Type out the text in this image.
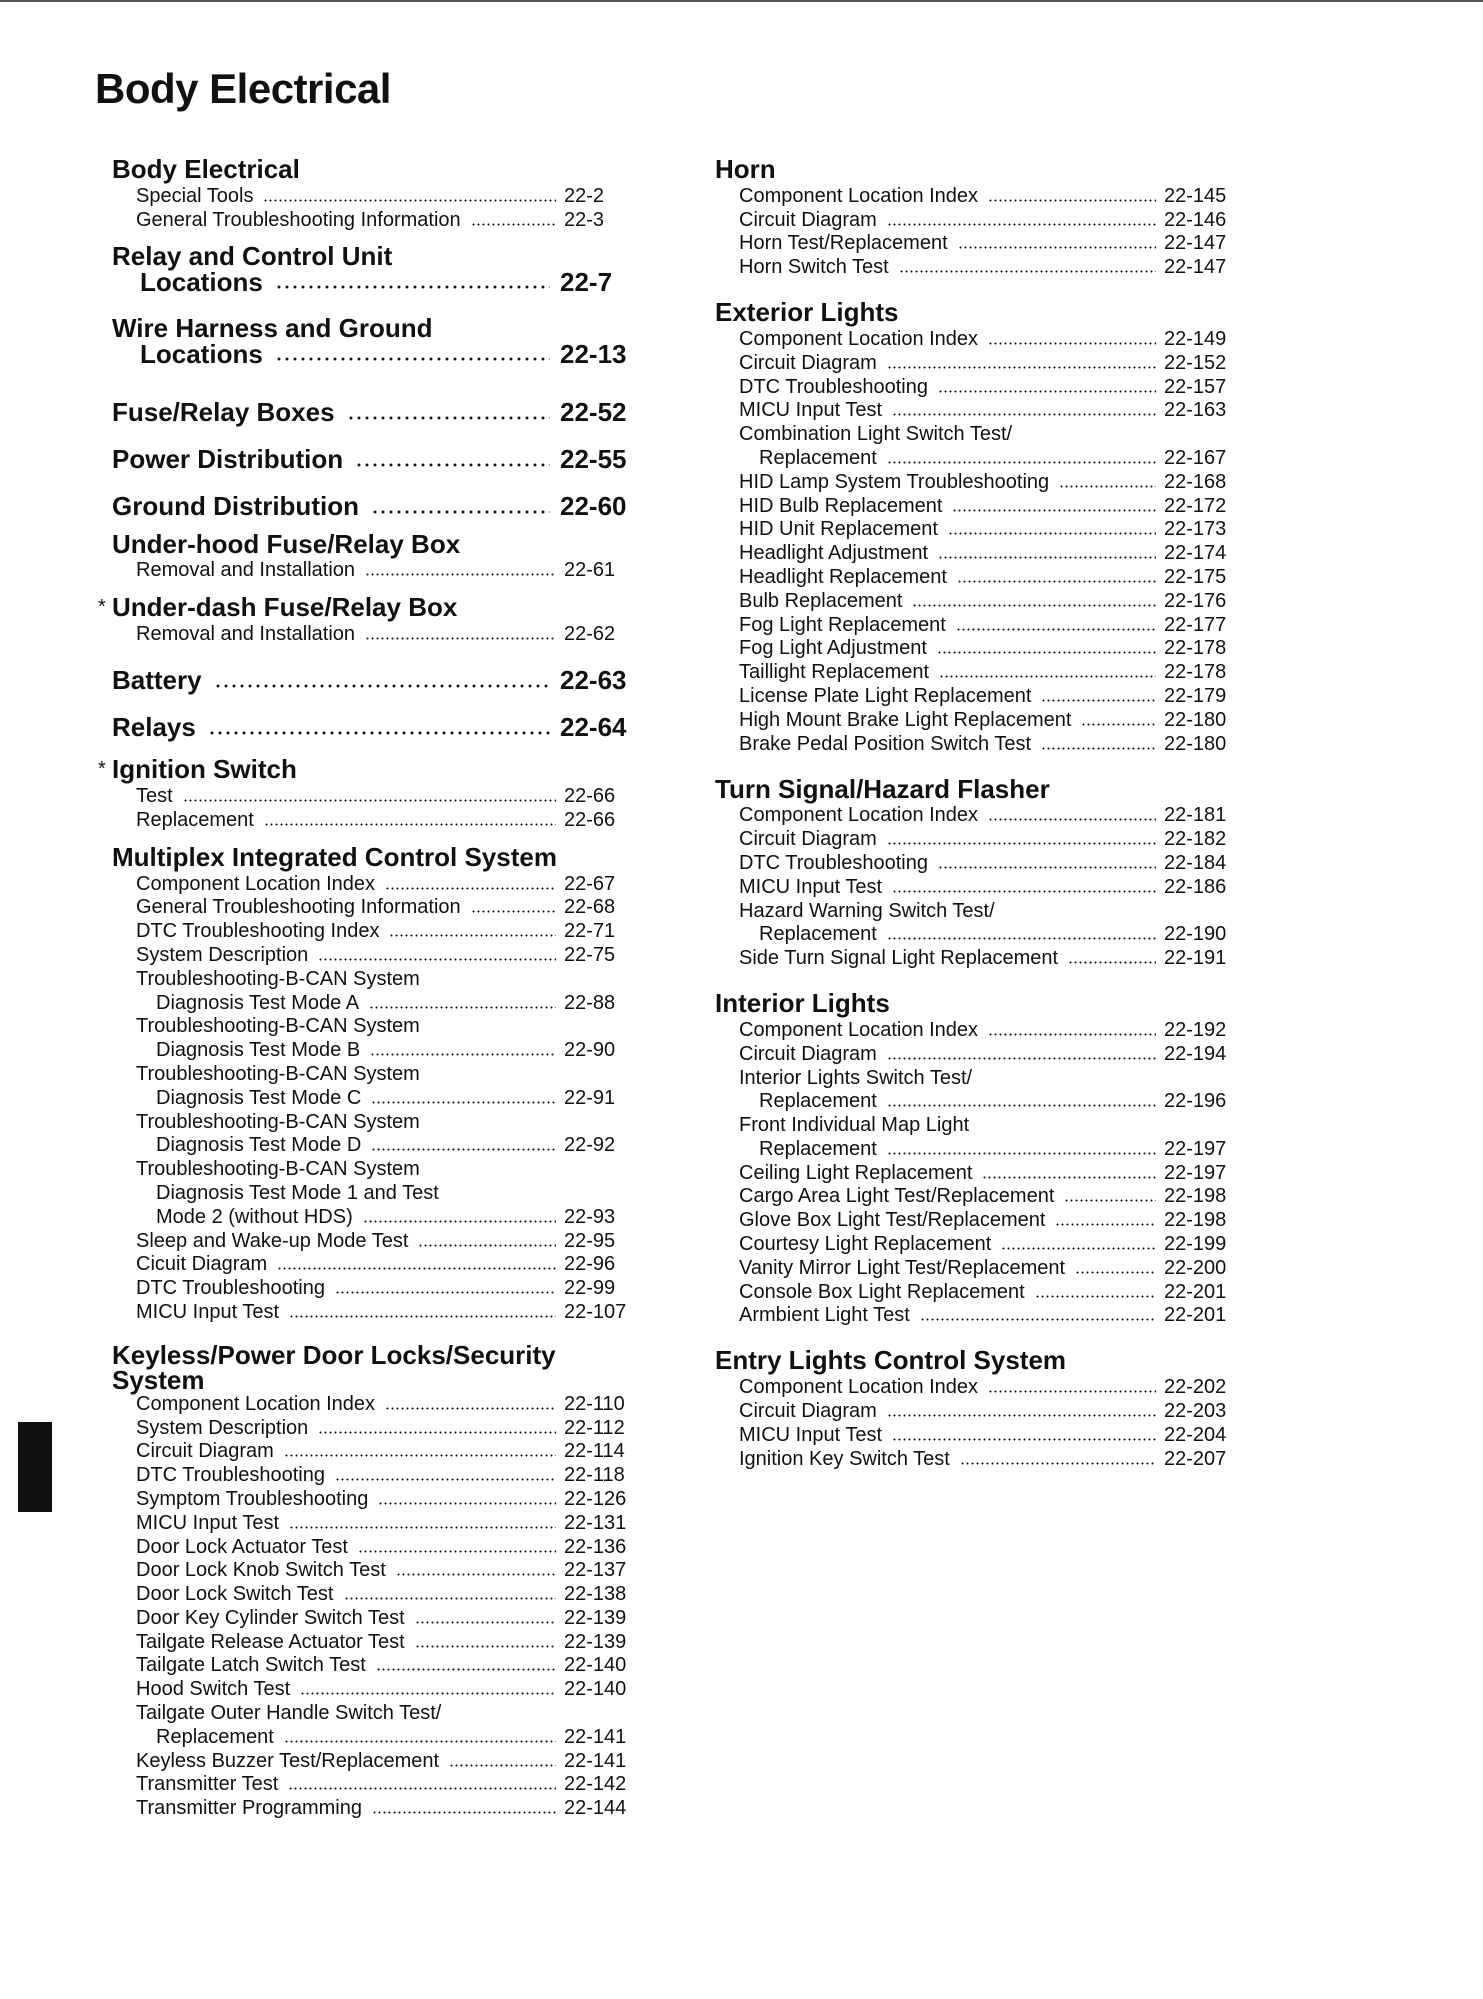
Body Electrical
Body Electrical
Special Tools	22-2
General Troubleshooting Information	22-3
Relay and Control Unit
Locations	22-7
Wire Harness and Ground
Locations	22-13
Fuse/Relay Boxes	22-52
Power Distribution	22-55
Ground Distribution	22-60
Under-hood Fuse/Relay Box
Removal and Installation	22-61
* Under-dash Fuse/Relay Box
Removal and Installation	22-62
Battery	22-63
Relays	22-64
* Ignition Switch
Test	22-66
Replacement	22-66
Multiplex Integrated Control System
Component Location Index	22-67
General Troubleshooting Information	22-68
DTC Troubleshooting Index	22-71
System Description	22-75
Troubleshooting-B-CAN System
Diagnosis Test Mode A	22-88
Troubleshooting-B-CAN System
Diagnosis Test Mode B	22-90
Troubleshooting-B-CAN System
Diagnosis Test Mode C	22-91
Troubleshooting-B-CAN System
Diagnosis Test Mode D	22-92
Troubleshooting-B-CAN System
Diagnosis Test Mode 1 and Test
Mode 2 (without HDS)	22-93
Sleep and Wake-up Mode Test	22-95
Cicuit Diagram	22-96
DTC Troubleshooting	22-99
MICU Input Test	22-107
Keyless/Power Door Locks/Security
System
Component Location Index	22-110
System Description	22-112
Circuit Diagram	22-114
DTC Troubleshooting	22-118
Symptom Troubleshooting	22-126
MICU Input Test	22-131
Door Lock Actuator Test	22-136
Door Lock Knob Switch Test	22-137
Door Lock Switch Test	22-138
Door Key Cylinder Switch Test	22-139
Tailgate Release Actuator Test	22-139
Tailgate Latch Switch Test	22-140
Hood Switch Test	22-140
Tailgate Outer Handle Switch Test/
Replacement	22-141
Keyless Buzzer Test/Replacement	22-141
Transmitter Test	22-142
Transmitter Programming	22-144
Horn
Component Location Index	22-145
Circuit Diagram	22-146
Horn Test/Replacement	22-147
Horn Switch Test	22-147
Exterior Lights
Component Location Index	22-149
Circuit Diagram	22-152
DTC Troubleshooting	22-157
MICU Input Test	22-163
Combination Light Switch Test/
Replacement	22-167
HID Lamp System Troubleshooting	22-168
HID Bulb Replacement	22-172
HID Unit Replacement	22-173
Headlight Adjustment	22-174
Headlight Replacement	22-175
Bulb Replacement	22-176
Fog Light Replacement	22-177
Fog Light Adjustment	22-178
Taillight Replacement	22-178
License Plate Light Replacement	22-179
High Mount Brake Light Replacement	22-180
Brake Pedal Position Switch Test	22-180
Turn Signal/Hazard Flasher
Component Location Index	22-181
Circuit Diagram	22-182
DTC Troubleshooting	22-184
MICU Input Test	22-186
Hazard Warning Switch Test/
Replacement	22-190
Side Turn Signal Light Replacement	22-191
Interior Lights
Component Location Index	22-192
Circuit Diagram	22-194
Interior Lights Switch Test/
Replacement	22-196
Front Individual Map Light
Replacement	22-197
Ceiling Light Replacement	22-197
Cargo Area Light Test/Replacement	22-198
Glove Box Light Test/Replacement	22-198
Courtesy Light Replacement	22-199
Vanity Mirror Light Test/Replacement	22-200
Console Box Light Replacement	22-201
Armbient Light Test	22-201
Entry Lights Control System
Component Location Index	22-202
Circuit Diagram	22-203
MICU Input Test	22-204
Ignition Key Switch Test	22-207
